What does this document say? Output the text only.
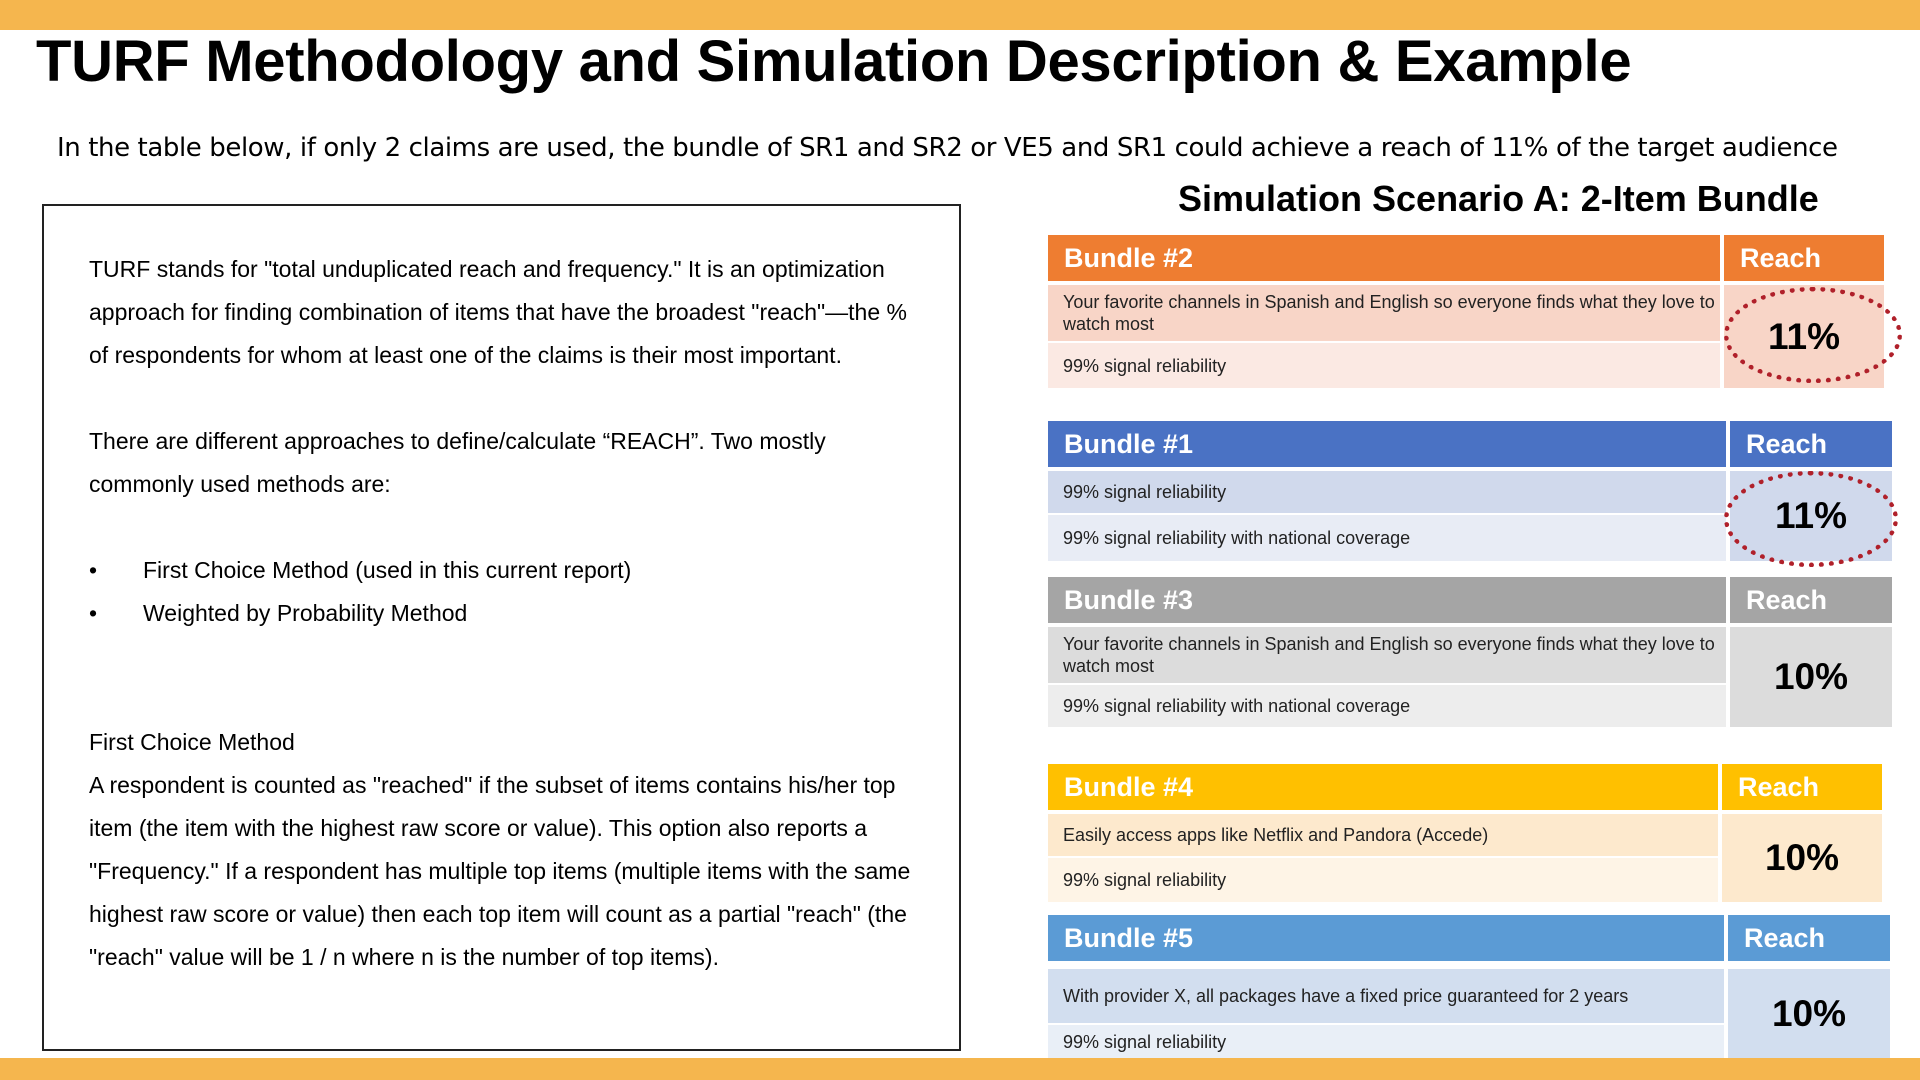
TURF Methodology and Simulation Description & Example
In the table below, if only 2 claims are used, the bundle of SR1 and SR2 or VE5 and SR1 could achieve a reach of 11% of the target audience

TURF stands for "total unduplicated reach and frequency." It is an optimization approach for finding combination of items that have the broadest "reach"—the % of respondents for whom at least one of the claims is their most important.

There are different approaches to define/calculate “REACH”. Two mostly commonly used methods are:

• First Choice Method (used in this current report)

• Weighted by Probability Method

First Choice Method

A respondent is counted as "reached" if the subset of items contains his/her top item (the item with the highest raw score or value). This option also reports a "Frequency." If a respondent has multiple top items (multiple items with the same highest raw score or value) then each top item will count as a partial "reach" (the "reach" value will be 1 / n where n is the number of top items).

Simulation Scenario A: 2-Item Bundle
Bundle #2	Reach
Your favorite channels in Spanish and English so everyone finds what they love to watch most
99% signal reliability
11%
Bundle #1	Reach
99% signal reliability
99% signal reliability with national coverage
11%
Bundle #3	Reach
Your favorite channels in Spanish and English so everyone finds what they love to watch most
99% signal reliability with national coverage
10%
Bundle #4	Reach
Easily access apps like Netflix and Pandora (Accede)
99% signal reliability
10%
Bundle #5	Reach
With provider X, all packages have a fixed price guaranteed for 2 years
99% signal reliability
10%
